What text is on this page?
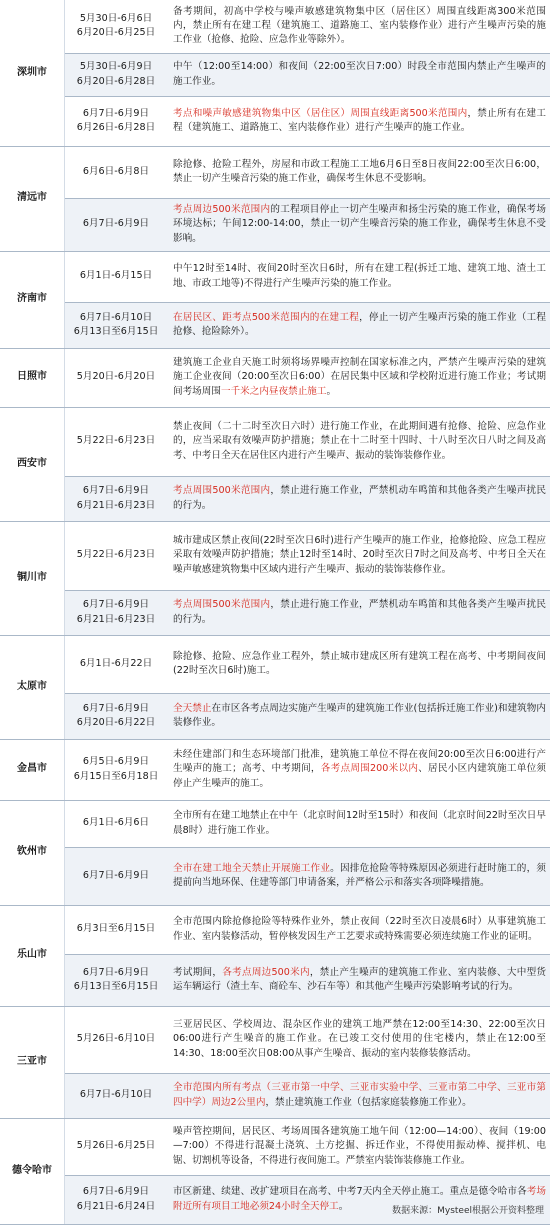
深圳市	5月30日-6月6日
6月20日-6月25日	备考期间，初高中学校与噪声敏感建筑物集中区（居住区）周围直线距离300米范围内，禁止所有在建工程（建筑施工、道路施工、室内装修作业）进行产生噪声污染的施工作业（抢修、抢险、应急作业等除外）。

	5月30日-6月9日
6月20日-6月28日	中午（12:00至14:00）和夜间（22:00至次日7:00）时段全市范围内禁止产生噪声的施工作业。

	6月7日-6月9日
6月26日-6月28日	考点和噪声敏感建筑物集中区（居住区）周围直线距离500米范围内，禁止所有在建工程（建筑施工、道路施工、室内装修作业）进行产生噪声的施工作业。
清远市	6月6日-6月8日	除抢修、抢险工程外，房屋和市政工程施工工地6月6日至8日夜间22:00至次日6:00，禁止一切产生噪音污染的施工作业，确保考生休息不受影响。

	6月7日-6月9日	考点周边500米范围内的工程项目停止一切产生噪声和扬尘污染的施工作业，确保考场环境达标；午间12:00-14:00，禁止一切产生噪音污染的施工作业，确保考生休息不受影响。
济南市	6月1日-6月15日	中午12时至14时、夜间20时至次日6时，所有在建工程(拆迁工地、建筑工地、渣土工地、市政工地等)不得进行产生噪声污染的施工作业。

	6月7日-6月10日
6月13日至6月15日	在居民区、距考点500米范围内的在建工程，停止一切产生噪声污染的施工作业（工程抢修、抢险除外）。
日照市	5月20日-6月20日	建筑施工企业自天施工时须将场界噪声控制在国家标准之内，严禁产生噪声污染的建筑施工企业夜间（20:00至次日6:00）在居民集中区域和学校附近进行施工作业；考试期间考场周围一千米之内昼夜禁止施工。
西安市	5月22日-6月23日	禁止夜间（二十二时至次日六时）进行施工作业，在此期间遇有抢修、抢险、应急作业的，应当采取有效噪声防护措施；禁止在十二时至十四时、十八时至次日八时之间及高考、中考日全天在居住区内进行产生噪声、振动的装饰装修作业。

	6月7日-6月9日
6月21日-6月23日	考点周围500米范围内，禁止进行施工作业，严禁机动车鸣笛和其他各类产生噪声扰民的行为。
铜川市	5月22日-6月23日	城市建成区禁止夜间(22时至次日6时)进行产生噪声的施工作业，抢修抢险、应急工程应采取有效噪声防护措施；禁止12时至14时、20时至次日7时之间及高考、中考日全天在噪声敏感建筑物集中区域内进行产生噪声、振动的装饰装修作业。

	6月7日-6月9日
6月21日-6月23日	考点周围500米范围内，禁止进行施工作业，严禁机动车鸣笛和其他各类产生噪声扰民的行为。
太原市	6月1日-6月22日	除抢修、抢险、应急作业工程外，禁止城市建成区所有建筑工程在高考、中考期间夜间(22时至次日6时)施工。

	6月7日-6月9日
6月20日-6月22日	全天禁止在市区各考点周边实施产生噪声的建筑施工作业(包括拆迁施工作业)和建筑物内装修作业。
金昌市	6月5日-6月9日
6月15日至6月18日	未经住建部门和生态环境部门批准，建筑施工单位不得在夜间20:00至次日6:00进行产生噪声的施工；高考、中考期间，各考点周围200米以内、居民小区内建筑施工单位须停止产生噪声的施工。
钦州市	6月1日-6月6日	全市所有在建工地禁止在中午（北京时间12时至15时）和夜间（北京时间22时至次日早晨8时）进行施工作业。

	6月7日-6月9日	全市在建工地全天禁止开展施工作业。因排危抢险等特殊原因必须进行赶时施工的，须提前向当地环保、住建等部门申请备案，并严格公示和落实各项降噪措施。
乐山市	6月3日至6月15日	全市范围内除抢修抢险等特殊作业外，禁止夜间（22时至次日凌晨6时）从事建筑施工作业、室内装修活动，暂停核发因生产工艺要求或特殊需要必须连续施工作业的证明。

	6月7日-6月9日
6月13日至6月15日	考试期间，各考点周边500米内，禁止产生噪声的建筑施工作业、室内装修、大中型货运车辆运行（渣土车、商砼车、沙石车等）和其他产生噪声污染影响考试的行为。
三亚市	5月26日-6月10日	三亚居民区、学校周边、混杂区作业的建筑工地严禁在12:00至14:30、22:00至次日06:00进行产生噪音的施工作业。在已竣工交付使用的住宅楼内，禁止在12:00至14:30、18:00至次日08:00从事产生噪音、振动的室内装修装修活动。

	6月7日-6月10日	全市范围内所有考点（三亚市第一中学、三亚市实验中学、三亚市第二中学、三亚市第四中学）周边2公里内，禁止建筑施工作业（包括家庭装修施工作业）。
德令哈市	5月26日-6月25日	噪声管控期间，居民区、考场周围各建筑施工地午间（12:00—14:00）、夜间（19:00—7:00）不得进行混凝土浇筑、土方挖掘、拆迁作业，不得使用振动棒、搅拌机、电锯、切割机等设备，不得进行夜间施工。严禁室内装饰装修施工作业。

	6月7日-6月9日
6月21日-6月24日	市区新建、续建、改扩建项目在高考、中考7天内全天停止施工。重点是德令哈市各考场附近所有项目工地必须24小时全天停工。	数据来源：Mysteel根据公开资料整理
